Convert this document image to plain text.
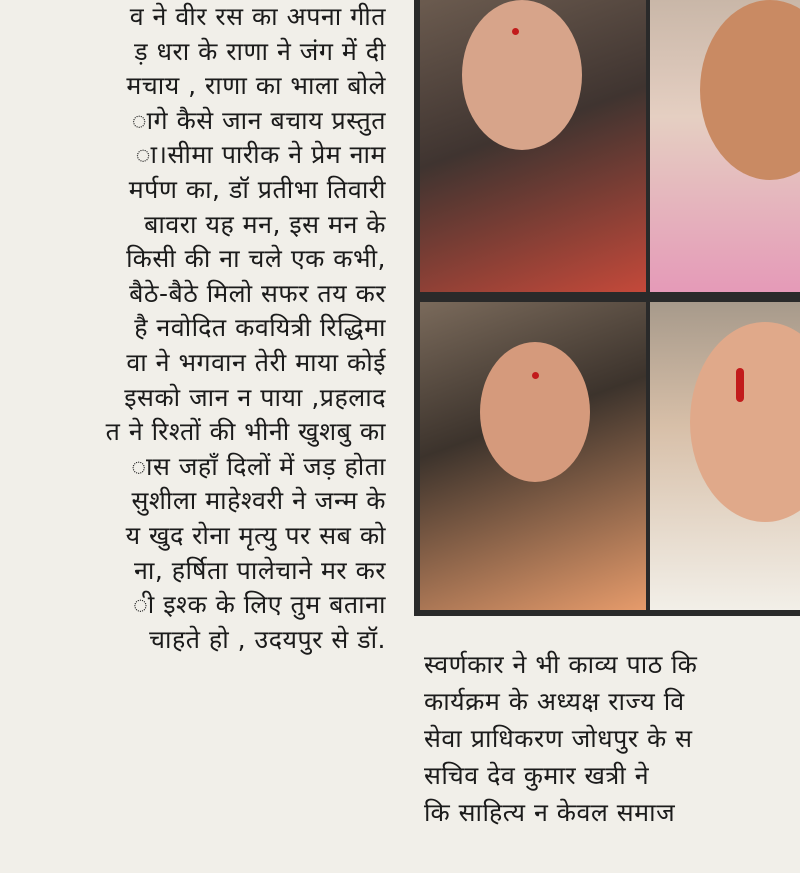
व ने वीर रस का अपना गीत
ड़ धरा के राणा ने जंग में दी
मचाय , राणा का भाला बोले
ागे कैसे जान बचाय प्रस्तुत
ा।सीमा पारीक ने प्रेम नाम
मर्पण का, डॉ प्रतीभा तिवारी
बावरा यह मन, इस मन के
किसी की ना चले एक कभी,
बैठे-बैठे मिलो सफर तय कर
है नवोदित कवयित्री रिद्धिमा
वा ने भगवान तेरी माया कोई
इसको जान न पाया ,प्रहलाद
त ने रिश्तों की भीनी खुशबु का
ास जहाँ दिलों में जड़ होता
सुशीला माहेश्वरी ने जन्म के
य खुद रोना मृत्यु पर सब को
ना, हर्षिता पालेचाने मर कर
ी इश्क के लिए तुम बताना
चाहते हो , उदयपुर से डॉ.
स्वर्णकार ने भी काव्य पाठ कि
कार्यक्रम के अध्यक्ष राज्य वि
सेवा प्राधिकरण जोधपुर के स
सचिव देव कुमार खत्री ने
कि साहित्य न केवल समाज
